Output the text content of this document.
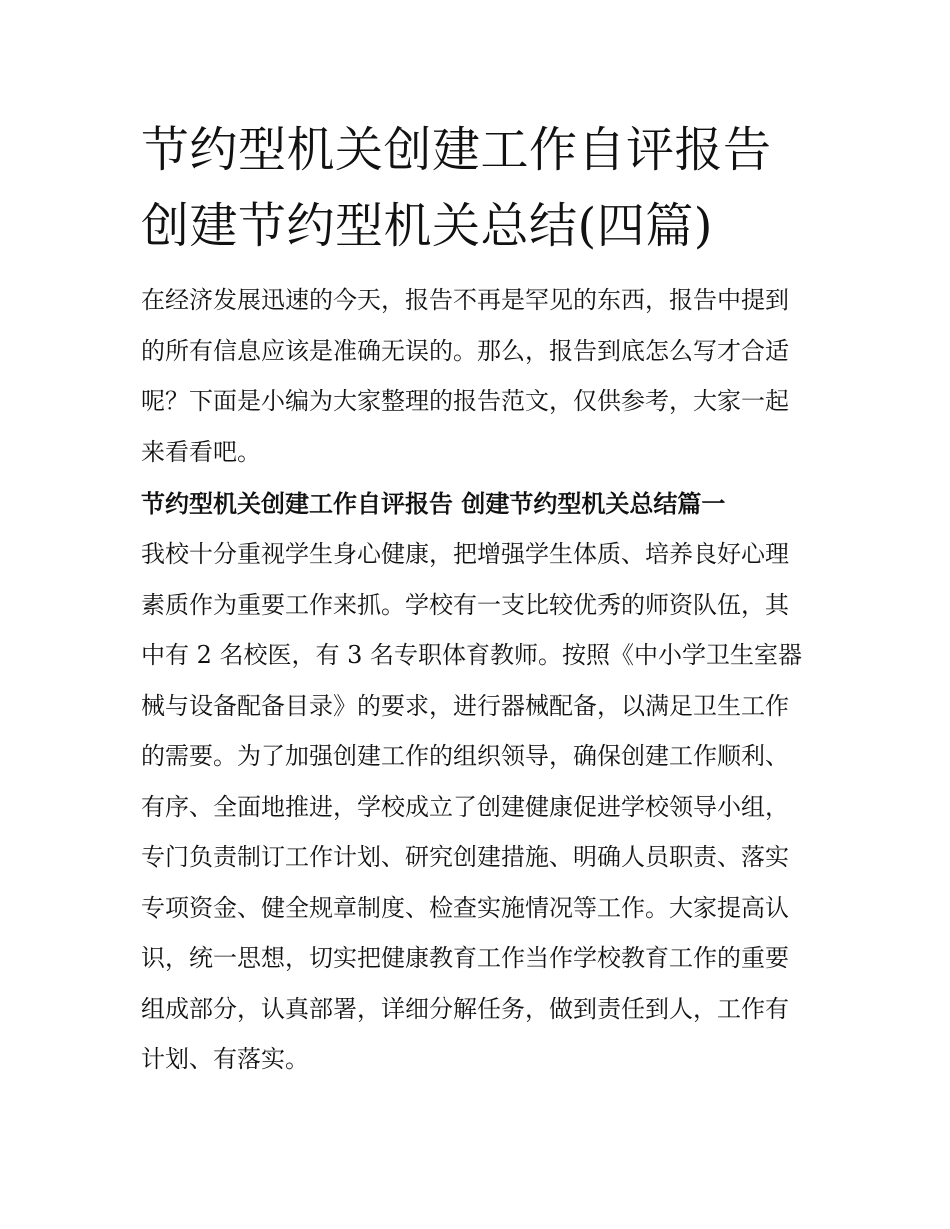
节约型机关创建工作自评报告
创建节约型机关总结(四篇)

在经济发展迅速的今天，报告不再是罕见的东西，报告中提到
的所有信息应该是准确无误的。那么，报告到底怎么写才合适
呢？下面是小编为大家整理的报告范文，仅供参考，大家一起
来看看吧。

节约型机关创建工作自评报告 创建节约型机关总结篇一

我校十分重视学生身心健康，把增强学生体质、培养良好心理
素质作为重要工作来抓。学校有一支比较优秀的师资队伍，其
中有 2 名校医，有 3 名专职体育教师。按照《中小学卫生室器
械与设备配备目录》的要求，进行器械配备，以满足卫生工作
的需要。为了加强创建工作的组织领导，确保创建工作顺利、
有序、全面地推进，学校成立了创建健康促进学校领导小组，
专门负责制订工作计划、研究创建措施、明确人员职责、落实
专项资金、健全规章制度、检查实施情况等工作。大家提高认
识，统一思想，切实把健康教育工作当作学校教育工作的重要
组成部分，认真部署，详细分解任务，做到责任到人，工作有
计划、有落实。
